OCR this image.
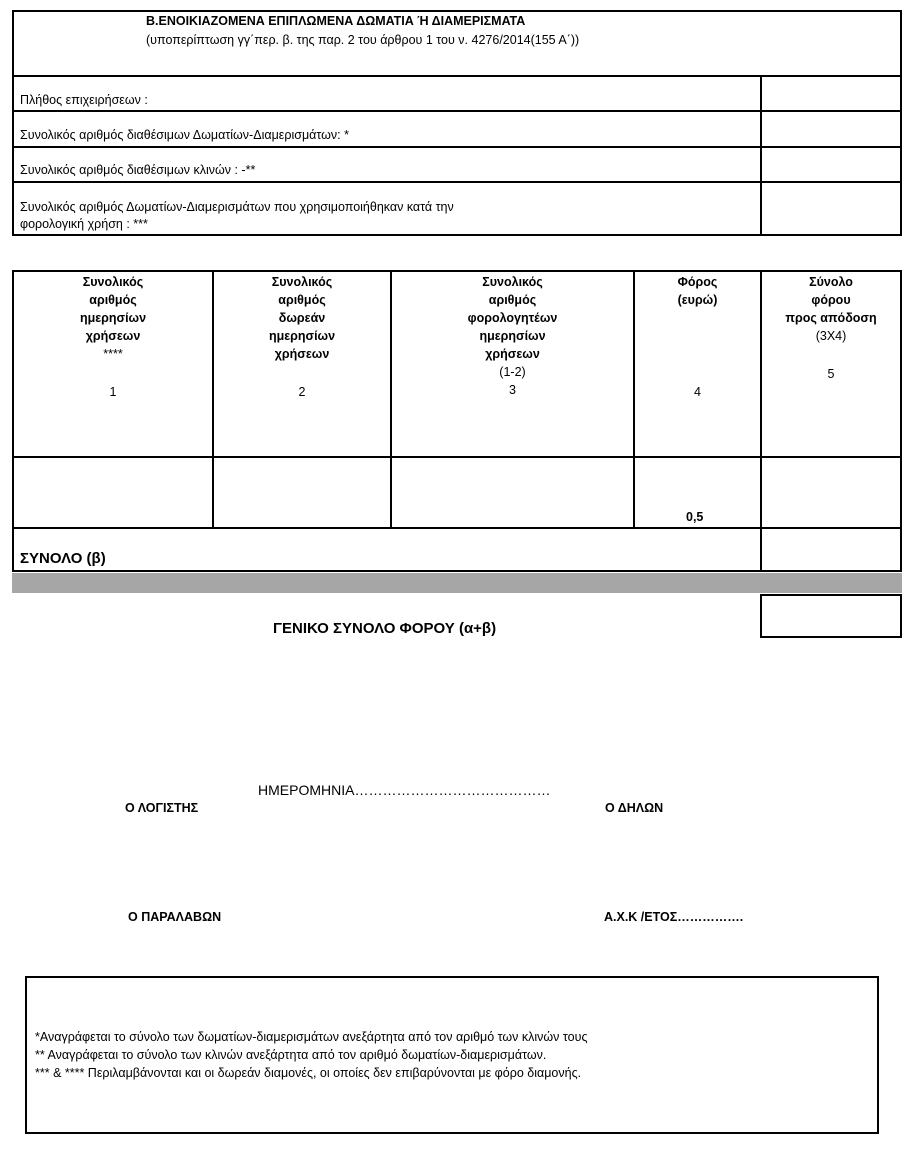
Β.ΕΝΟΙΚΙΑΖΟΜΕΝΑ ΕΠΙΠΛΩΜΕΝΑ ΔΩΜΑΤΙΑ Ή ΔΙΑΜΕΡΙΣΜΑΤΑ
(υποπερίπτωση γγ΄περ. β. της παρ. 2 του άρθρου 1 του ν. 4276/2014(155 Α΄))
Πλήθος επιχειρήσεων :
Συνολικός αριθμός διαθέσιμων Δωματίων-Διαμερισμάτων: *
Συνολικός αριθμός διαθέσιμων κλινών : -**
Συνολικός αριθμός Δωματίων-Διαμερισμάτων που χρησιμοποιήθηκαν κατά την
φορολογική χρήση : ***
Συνολικός
αριθμός
ημερησίων
χρήσεων
****
1
Συνολικός
αριθμός
δωρεάν
ημερησίων
χρήσεων
2
Συνολικός
αριθμός
φορολογητέων
ημερησίων
χρήσεων
(1-2)
3
Φόρος
(ευρώ)
4
Σύνολο
φόρου
προς απόδοση
(3Χ4)
5
0,5
ΣΥΝΟΛΟ (β)
ΓΕΝΙΚΟ ΣΥΝΟΛΟ ΦΟΡΟΥ (α+β)
ΗΜΕΡΟΜΗΝΙΑ……………………………………
Ο ΛΟΓΙΣΤΗΣ	Ο ΔΗΛΩΝ
Ο ΠΑΡΑΛΑΒΩΝ	Α.Χ.Κ /ΕΤΟΣ…………….
*Αναγράφεται το σύνολο των δωματίων-διαμερισμάτων ανεξάρτητα από τον αριθμό των κλινών τους
** Αναγράφεται το σύνολο των κλινών ανεξάρτητα από τον αριθμό δωματίων-διαμερισμάτων.
*** & **** Περιλαμβάνονται και οι δωρεάν διαμονές, οι οποίες δεν επιβαρύνονται με φόρο διαμονής.
